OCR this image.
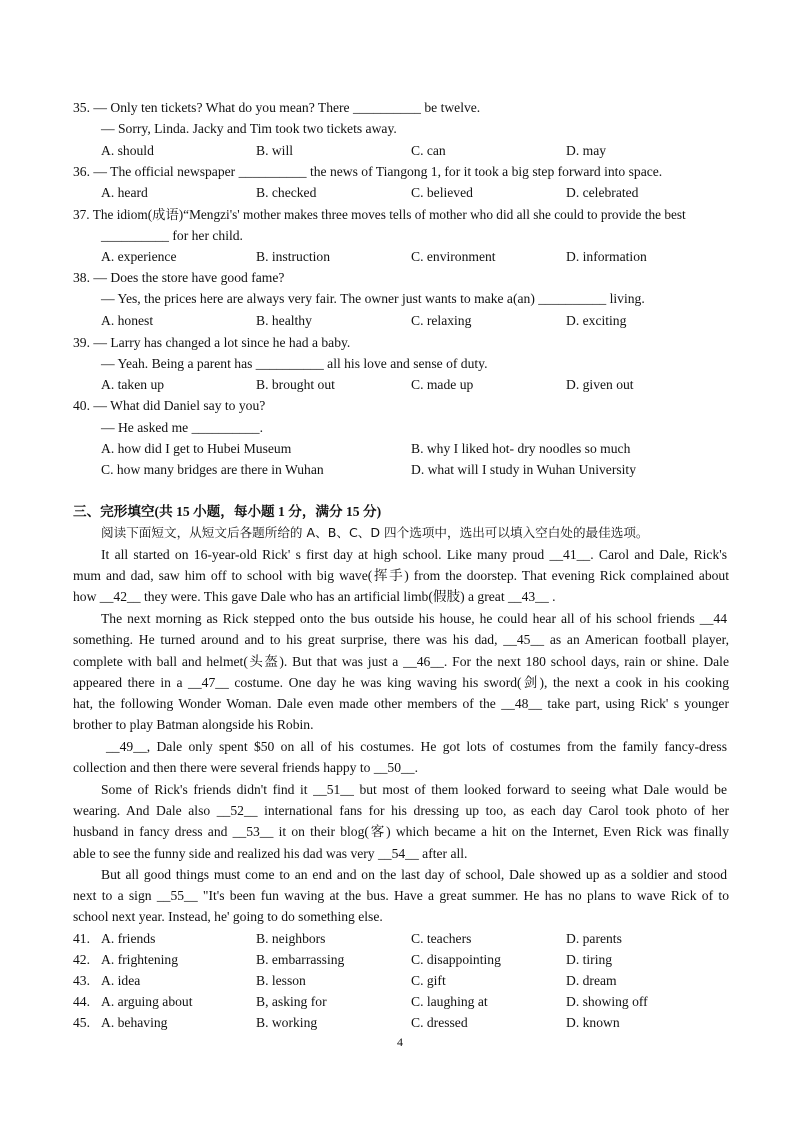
35. — Only ten tickets? What do you mean? There __________ be twelve.
— Sorry, Linda. Jacky and Tim took two tickets away.
A. should	B. will	C. can	D. may
36. — The official newspaper __________ the news of Tiangong 1, for it took a big step forward into space.
A. heard	B. checked	C. believed	D. celebrated
37. The idiom(成语)“Mengzi's' mother makes three moves tells of mother who did all she could to provide the best
__________ for her child.
A. experience	B. instruction	C. environment	D. information
38. — Does the store have good fame?
— Yes, the prices here are always very fair. The owner just wants to make a(an) __________ living.
A. honest	B. healthy	C. relaxing	D. exciting
39. — Larry has changed a lot since he had a baby.
— Yeah. Being a parent has __________ all his love and sense of duty.
A. taken up	B. brought out	C. made up	D. given out
40. — What did Daniel say to you?
— He asked me __________.
A. how did I get to Hubei Museum	B. why I liked hot- dry noodles so much
C. how many bridges are there in Wuhan	D. what will I study in Wuhan University
三、完形填空(共 15 小题，每小题 1 分，满分 15 分)
阅读下面短文，从短文后各题所给的 A、B、C、D 四个选项中，选出可以填入空白处的最佳选项。
It all started on 16-year-old Rick' s first day at high school. Like many proud __41__. Carol and Dale, Rick's
mum and dad, saw him off to school with big wave(挥手) from the doorstep. That evening Rick complained about
how __42__ they were. This gave Dale who has an artificial limb(假肢) a great __43__ .
The next morning as Rick stepped onto the bus outside his house, he could hear all of his school friends __44
something. He turned around and to his great surprise, there was his dad, __45__ as an American football player,
complete with ball and helmet(头盔). But that was just a __46__. For the next 180 school days, rain or shine. Dale
appeared there in a __47__ costume. One day he was king waving his sword(剑), the next a cook in his cooking
hat, the following Wonder Woman. Dale even made other members of the __48__ take part, using Rick' s younger
brother to play Batman alongside his Robin.
__49__, Dale only spent $50 on all of his costumes. He got lots of costumes from the family fancy-dress
collection and then there were several friends happy to __50__.
Some of Rick's friends didn't find it __51__ but most of them looked forward to seeing what Dale would be
wearing. And Dale also __52__ international fans for his dressing up too, as each day Carol took photo of her
husband in fancy dress and __53__ it on their blog(客) which became a hit on the Internet, Even Rick was finally
able to see the funny side and realized his dad was very __54__ after all.
But all good things must come to an end and on the last day of school, Dale showed up as a soldier and stood
next to a sign __55__ "It's been fun waving at the bus. Have a great summer. He has no plans to wave Rick of to
school next year. Instead, he' going to do something else.
41. A. friends	B. neighbors	C. teachers	D. parents
42. A. frightening	B. embarrassing	C. disappointing	D. tiring
43. A. idea	B. lesson	C. gift	D. dream
44. A. arguing about	B, asking for	C. laughing at	D. showing off
45. A. behaving	B. working	C. dressed	D. known
4
